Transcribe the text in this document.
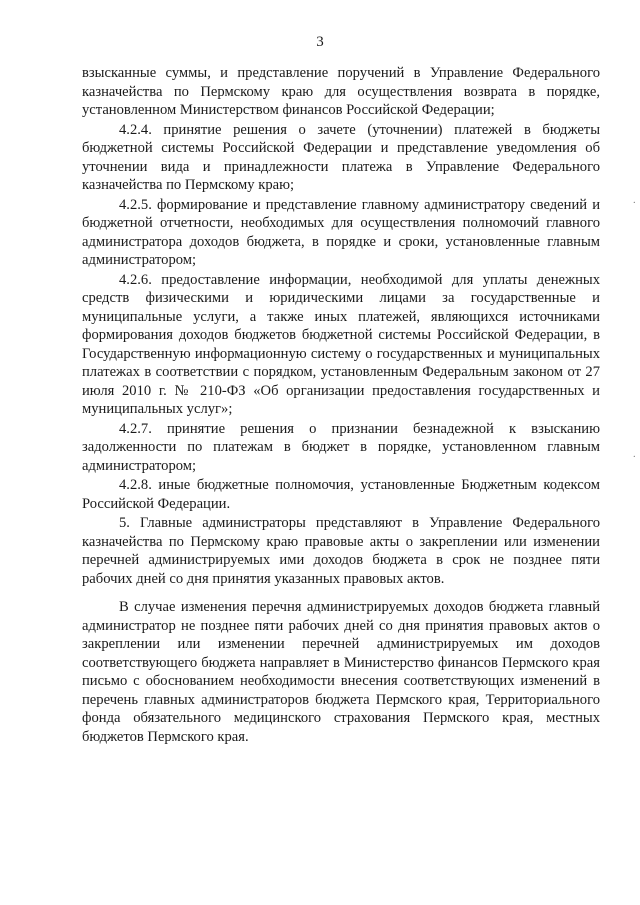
3

взысканные суммы, и представление поручений в Управление Федерального казначейства по Пермскому краю для осуществления возврата в порядке, установленном Министерством финансов Российской Федерации;

4.2.4. принятие решения о зачете (уточнении) платежей в бюджеты бюджетной системы Российской Федерации и представление уведомления об уточнении вида и принадлежности платежа в Управление Федерального казначейства по Пермскому краю;

4.2.5. формирование и представление главному администратору сведений и бюджетной отчетности, необходимых для осуществления полномочий главного администратора доходов бюджета, в порядке и сроки, установленные главным администратором;

4.2.6. предоставление информации, необходимой для уплаты денежных средств физическими и юридическими лицами за государственные и муниципальные услуги, а также иных платежей, являющихся источниками формирования доходов бюджетов бюджетной системы Российской Федерации, в Государственную информационную систему о государственных и муниципальных платежах в соответствии с порядком, установленным Федеральным законом от 27 июля 2010 г. № 210-ФЗ «Об организации предоставления государственных и муниципальных услуг»;

4.2.7. принятие решения о признании безнадежной к взысканию задолженности по платежам в бюджет в порядке, установленном главным администратором;

4.2.8. иные бюджетные полномочия, установленные Бюджетным кодексом Российской Федерации.

5. Главные администраторы представляют в Управление Федерального казначейства по Пермскому краю правовые акты о закреплении или изменении перечней администрируемых ими доходов бюджета в срок не позднее пяти рабочих дней со дня принятия указанных правовых актов.

В случае изменения перечня администрируемых доходов бюджета главный администратор не позднее пяти рабочих дней со дня принятия правовых актов о закреплении или изменении перечней администрируемых им доходов соответствующего бюджета направляет в Министерство финансов Пермского края письмо с обоснованием необходимости внесения соответствующих изменений в перечень главных администраторов бюджета Пермского края, Территориального фонда обязательного медицинского страхования Пермского края, местных бюджетов Пермского края.

·
·
